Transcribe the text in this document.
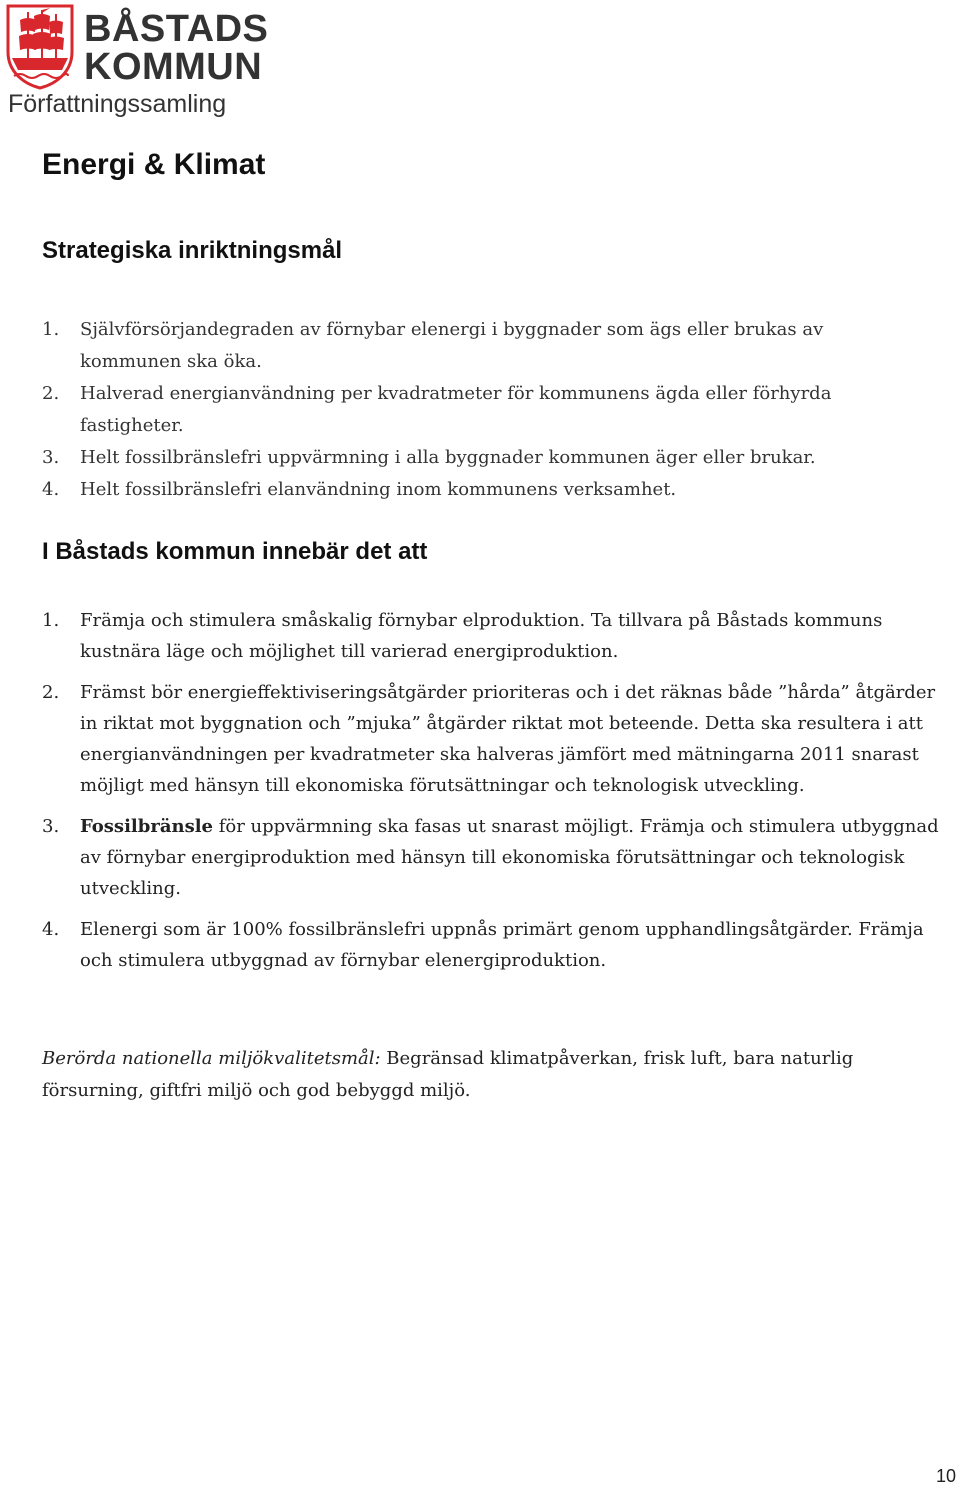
BÅSTADS
KOMMUN
Författningssamling
Energi & Klimat
Strategiska inriktningsmål
1. Självförsörjandegraden av förnybar elenergi i byggnader som ägs eller brukas av kommunen ska öka.
2. Halverad energianvändning per kvadratmeter för kommunens ägda eller förhyrda fastigheter.
3. Helt fossilbränslefri uppvärmning i alla byggnader kommunen äger eller brukar.
4. Helt fossilbränslefri elanvändning inom kommunens verksamhet.
I Båstads kommun innebär det att
1. Främja och stimulera småskalig förnybar elproduktion. Ta tillvara på Båstads kommuns kustnära läge och möjlighet till varierad energiproduktion.
2. Främst bör energieffektiviseringsåtgärder prioriteras och i det räknas både ”hårda” åtgärder in riktat mot byggnation och ”mjuka” åtgärder riktat mot beteende. Detta ska resultera i att energianvändningen per kvadratmeter ska halveras jämfört med mätningarna 2011 snarast möjligt med hänsyn till ekonomiska förutsättningar och teknologisk utveckling.
3. Fossilbränsle för uppvärmning ska fasas ut snarast möjligt. Främja och stimulera utbyggnad av förnybar energiproduktion med hänsyn till ekonomiska förutsättningar och teknologisk utveckling.
4. Elenergi som är 100% fossilbränslefri uppnås primärt genom upphandlingsåtgärder. Främja och stimulera utbyggnad av förnybar elenergiproduktion.

Berörda nationella miljökvalitetsmål: Begränsad klimatpåverkan, frisk luft, bara naturlig försurning, giftfri miljö och god bebyggd miljö.

10
